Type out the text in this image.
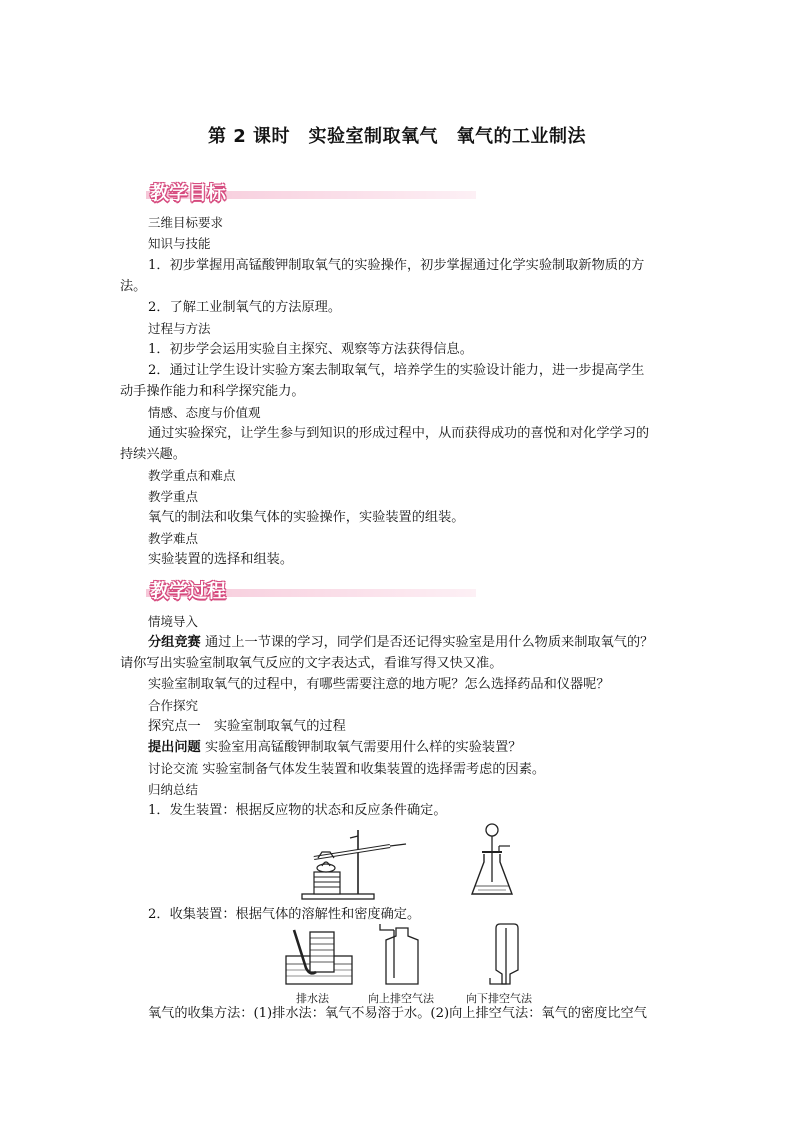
第 2 课时　实验室制取氧气　氧气的工业制法
教学目标
三维目标要求
知识与技能
1．初步掌握用高锰酸钾制取氧气的实验操作，初步掌握通过化学实验制取新物质的方
法。
2．了解工业制氧气的方法原理。
过程与方法
1．初步学会运用实验自主探究、观察等方法获得信息。
2．通过让学生设计实验方案去制取氧气，培养学生的实验设计能力，进一步提高学生
动手操作能力和科学探究能力。
情感、态度与价值观
通过实验探究，让学生参与到知识的形成过程中，从而获得成功的喜悦和对化学学习的
持续兴趣。
教学重点和难点
教学重点
氧气的制法和收集气体的实验操作，实验装置的组装。
教学难点
实验装置的选择和组装。
教学过程
情境导入
分组竞赛 通过上一节课的学习，同学们是否还记得实验室是用什么物质来制取氧气的？
请你写出实验室制取氧气反应的文字表达式，看谁写得又快又准。
实验室制取氧气的过程中，有哪些需要注意的地方呢？怎么选择药品和仪器呢？
合作探究
探究点一　实验室制取氧气的过程
提出问题 实验室用高锰酸钾制取氧气需要用什么样的实验装置？
讨论交流 实验室制备气体发生装置和收集装置的选择需考虑的因素。
归纳总结
1．发生装置：根据反应物的状态和反应条件确定。
2．收集装置：根据气体的溶解性和密度确定。
排水法	向上排空气法	向下排空气法
氧气的收集方法：(1)排水法：氧气不易溶于水。(2)向上排空气法：氧气的密度比空气
